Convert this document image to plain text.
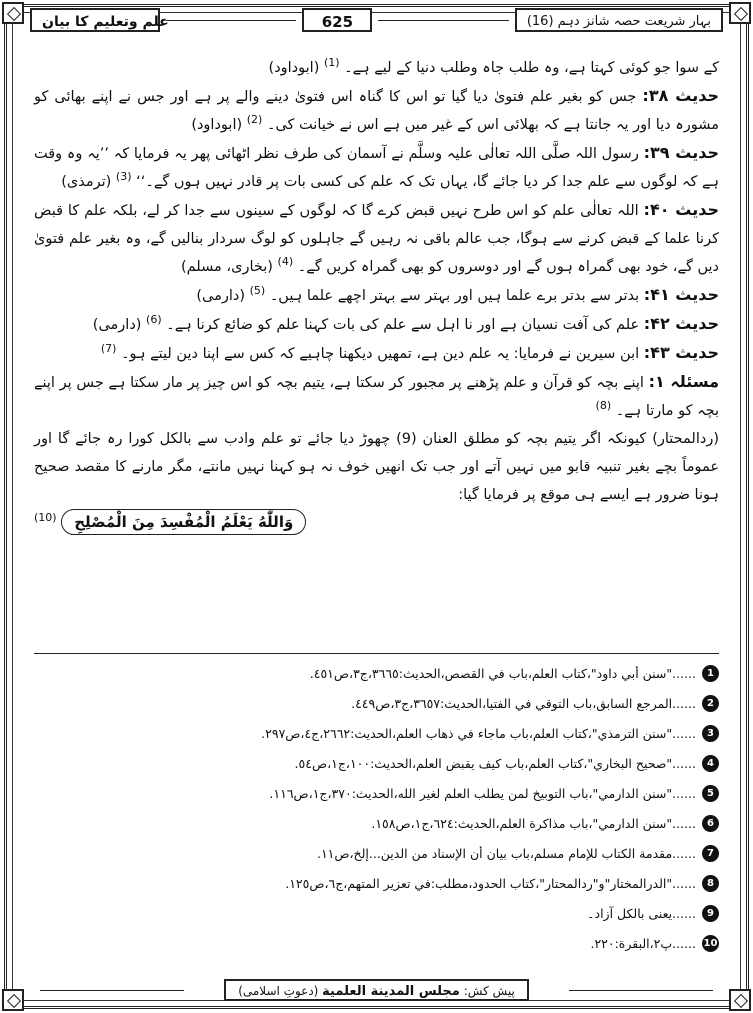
علم وتعلیم کا بیان	625	بہار شریعت حصہ شانز دہم (16)

کے سوا جو کوئی کہتا ہے، وہ طلب جاہ وطلب دنیا کے لیے ہے۔ $^{(1)}$ (ابوداود)

حدیث ۳۸: جس کو بغیر علم فتویٰ دیا گیا تو اس کا گناہ اس فتویٰ دینے والے پر ہے اور جس نے اپنے بھائی کو مشورہ دیا اور یہ جانتا ہے کہ بھلائی اس کے غیر میں ہے اس نے خیانت کی۔ $^{(2)}$ (ابوداود)

حدیث ۳۹: رسول اللہ صلَّی اللہ تعالٰی علیہ وسلَّم نے آسمان کی طرف نظر اٹھائی پھر یہ فرمایا کہ ’’یہ وہ وقت ہے کہ لوگوں سے علم جدا کر دیا جائے گا، یہاں تک کہ علم کی کسی بات پر قادر نہیں ہوں گے۔‘‘ $^{(3)}$ (ترمذی)

حدیث ۴۰: اللہ تعالٰی علم کو اس طرح نہیں قبض کرے گا کہ لوگوں کے سینوں سے جدا کر لے، بلکہ علم کا قبض کرنا علما کے قبض کرنے سے ہوگا، جب عالم باقی نہ رہیں گے جاہلوں کو لوگ سردار بنالیں گے، وہ بغیر علم فتویٰ دیں گے، خود بھی گمراہ ہوں گے اور دوسروں کو بھی گمراہ کریں گے۔ $^{(4)}$ (بخاری، مسلم)

حدیث ۴۱: بدتر سے بدتر برے علما ہیں اور بہتر سے بہتر اچھے علما ہیں۔ $^{(5)}$ (دارمی)

حدیث ۴۲: علم کی آفت نسیان ہے اور نا اہل سے علم کی بات کہنا علم کو ضائع کرنا ہے۔ $^{(6)}$ (دارمی)

حدیث ۴۳: ابن سیرین نے فرمایا: یہ علم دین ہے، تمھیں دیکھنا چاہیے کہ کس سے اپنا دین لیتے ہو۔ $^{(7)}$

مسئلہ ۱: اپنے بچہ کو قرآن و علم پڑھنے پر مجبور کر سکتا ہے، یتیم بچہ کو اس چیز پر مار سکتا ہے جس پر اپنے بچہ کو مارتا ہے۔ $^{(8)}$

(ردالمحتار) کیونکہ اگر یتیم بچہ کو مطلق العنان (9) چھوڑ دیا جائے تو علم وادب سے بالکل کورا رہ جائے گا اور عموماً بچے بغیر تنبیہ قابو میں نہیں آتے اور جب تک انھیں خوف نہ ہو کہنا نہیں مانتے، مگر مارنے کا مقصد صحیح ہونا ضرور ہے ایسے ہی موقع پر فرمایا گیا:

وَاللّٰهُ يَعْلَمُ الْمُفْسِدَ مِنَ الْمُصْلِحِ $^{(10)}$

1
......"سنن أبي داود"،كتاب العلم،باب في القصص،الحديث:٣٦٦٥،ج٣،ص٤٥١.
2
......المرجع السابق،باب التوقي في الفتيا،الحديث:٣٦٥٧،ج٣،ص٤٤٩.
3
......"سنن الترمذي"،كتاب العلم،باب ماجاء في ذهاب العلم،الحديث:٢٦٦٢،ج٤،ص٢٩٧.
4
......"صحيح البخاري"،كتاب العلم،باب كيف يقبض العلم،الحديث:١٠٠،ج١،ص٥٤.
5
......"سنن الدارمي"،باب التوبيخ لمن يطلب العلم لغير الله،الحديث:٣٧٠،ج١،ص١١٦.
6
......"سنن الدارمي"،باب مذاكرة العلم،الحديث:٦٢٤،ج١،ص١٥٨.
7
......مقدمة الكتاب للإمام مسلم،باب بيان أن الإسناد من الدين...إلخ،ص١١.
8
......"الدرالمختار"و"ردالمحتار"،كتاب الحدود،مطلب:في تعزير المتهم،ج٦،ص١٢٥.
9
......یعنی بالکل آزاد۔
10
......پ٢،البقرة:٢٢٠.
پیش کش: مجلس المدينة العلمية (دعوتِ اسلامی)
